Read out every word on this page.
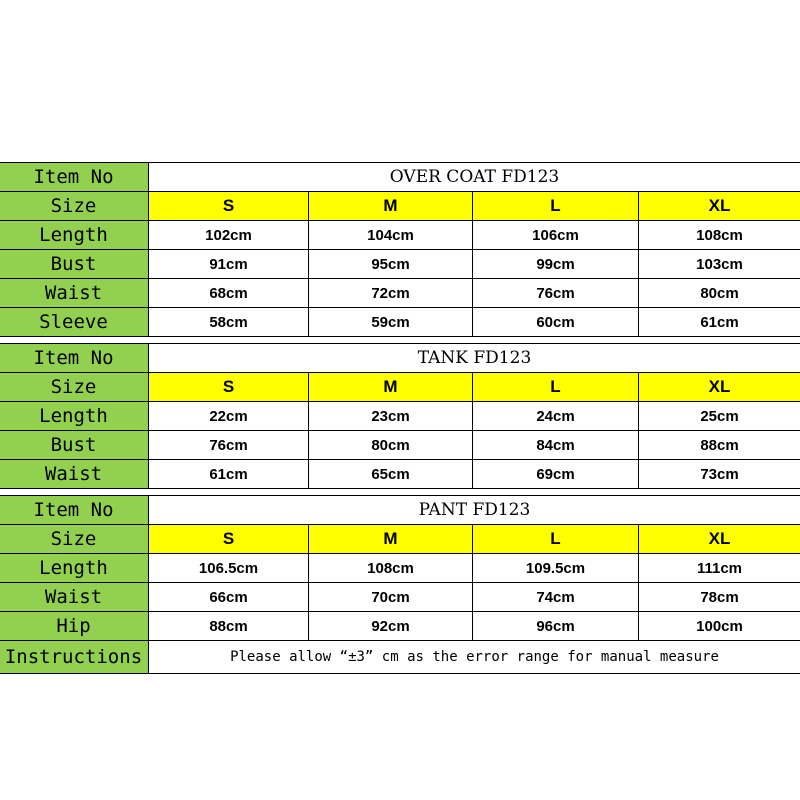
Item No	OVER COAT FD123			
Size	S	M	L	XL
Length	102cm	104cm	106cm	108cm
Bust	91cm	95cm	99cm	103cm
Waist	68cm	72cm	76cm	80cm
Sleeve	58cm	59cm	60cm	61cm

Item No	TANK FD123			
Size	S	M	L	XL
Length	22cm	23cm	24cm	25cm
Bust	76cm	80cm	84cm	88cm
Waist	61cm	65cm	69cm	73cm

Item No	PANT FD123			
Size	S	M	L	XL
Length	106.5cm	108cm	109.5cm	111cm
Waist	66cm	70cm	74cm	78cm
Hip	88cm	92cm	96cm	100cm
Instructions	Please allow “±3” cm as the error range for manual measure			
